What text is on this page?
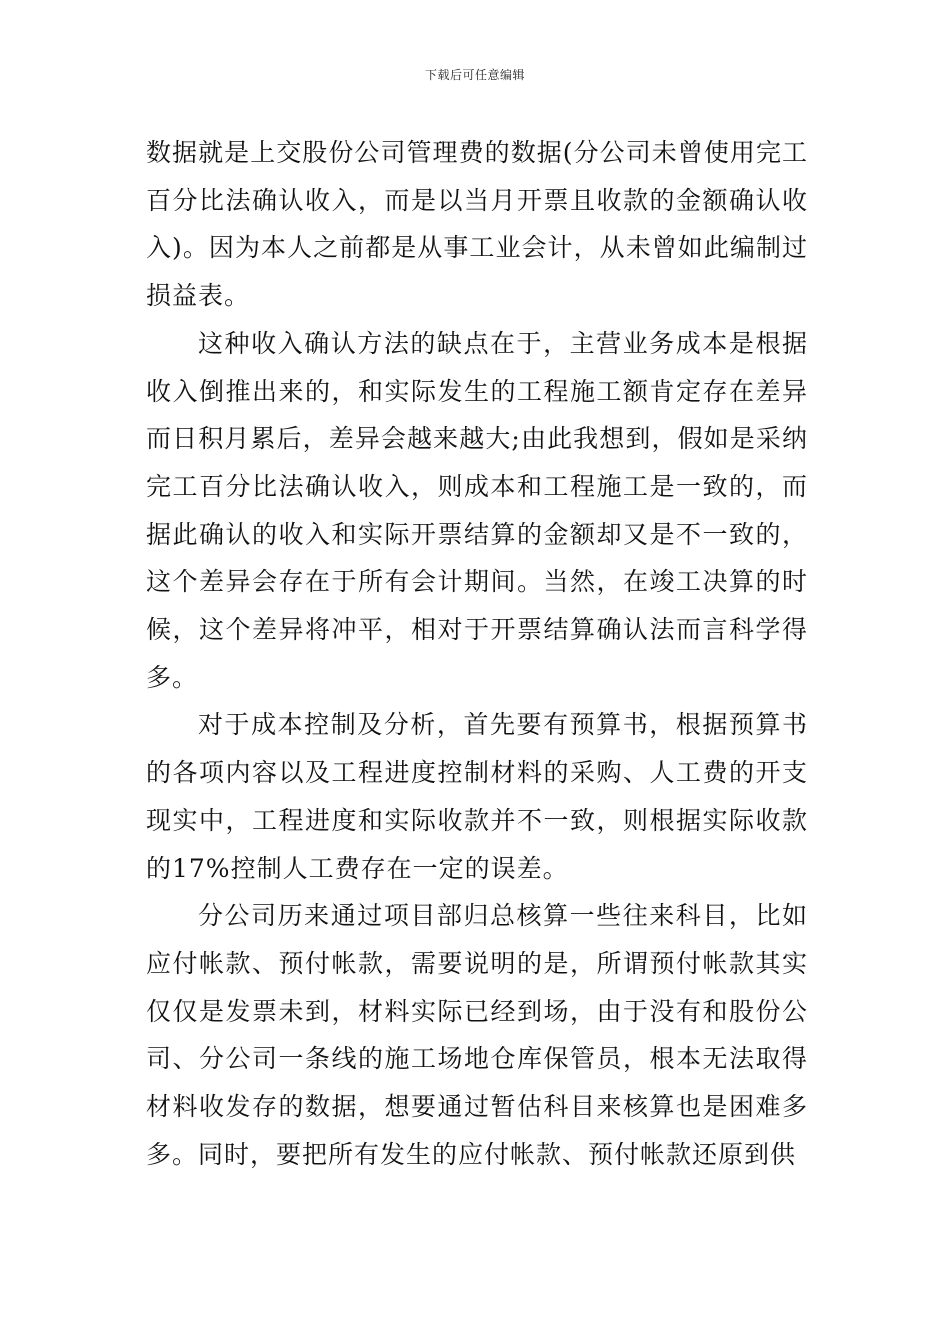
下载后可任意编辑

数据就是上交股份公司管理费的数据(分公司未曾使用完工百分比法确认收入，而是以当月开票且收款的金额确认收入)。因为本人之前都是从事工业会计，从未曾如此编制过损益表。

这种收入确认方法的缺点在于，主营业务成本是根据收入倒推出来的，和实际发生的工程施工额肯定存在差异而日积月累后，差异会越来越大;由此我想到，假如是采纳完工百分比法确认收入，则成本和工程施工是一致的，而据此确认的收入和实际开票结算的金额却又是不一致的，这个差异会存在于所有会计期间。当然，在竣工决算的时候，这个差异将冲平，相对于开票结算确认法而言科学得多。

对于成本控制及分析，首先要有预算书，根据预算书的各项内容以及工程进度控制材料的采购、人工费的开支现实中，工程进度和实际收款并不一致，则根据实际收款的17%控制人工费存在一定的误差。

分公司历来通过项目部归总核算一些往来科目，比如应付帐款、预付帐款，需要说明的是，所谓预付帐款其实仅仅是发票未到，材料实际已经到场，由于没有和股份公司、分公司一条线的施工场地仓库保管员，根本无法取得材料收发存的数据，想要通过暂估科目来核算也是困难多多。同时，要把所有发生的应付帐款、预付帐款还原到供
